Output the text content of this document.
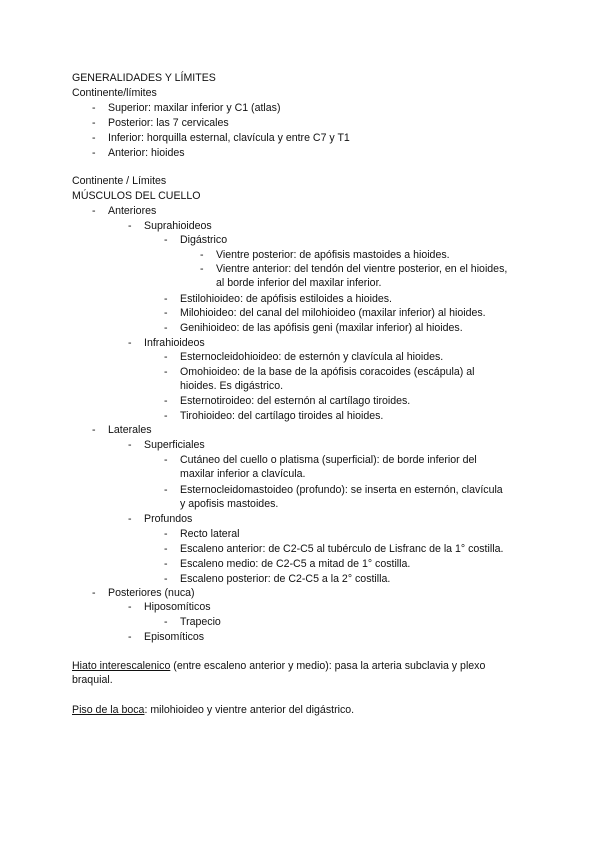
GENERALIDADES Y LÍMITES
Continente/límites
- Superior: maxilar inferior y C1 (atlas)
- Posterior: las 7 cervicales
- Inferior: horquilla esternal, clavícula y entre C7 y T1
- Anterior: hioides
Continente / Límites
MÚSCULOS DEL CUELLO
- Anteriores
- Suprahioideos
- Digástrico
- Vientre posterior: de apófisis mastoides a hioides.
- Vientre anterior: del tendón del vientre posterior, en el hioides,
al borde inferior del maxilar inferior.
- Estilohioideo: de apófisis estiloides a hioides.
- Milohioideo: del canal del milohioideo (maxilar inferior) al hioides.
- Genihioideo: de las apófisis geni (maxilar inferior) al hioides.
- Infrahioideos
- Esternocleidohioideo: de esternón y clavícula al hioides.
- Omohioideo: de la base de la apófisis coracoides (escápula) al
hioides. Es digástrico.
- Esternotiroideo: del esternón al cartílago tiroides.
- Tirohioideo: del cartílago tiroides al hioides.
- Laterales
- Superficiales
- Cutáneo del cuello o platisma (superficial): de borde inferior del
maxilar inferior a clavícula.
- Esternocleidomastoideo (profundo): se inserta en esternón, clavícula
y apofisis mastoides.
- Profundos
- Recto lateral
- Escaleno anterior: de C2-C5 al tubérculo de Lisfranc de la 1° costilla.
- Escaleno medio: de C2-C5 a mitad de 1° costilla.
- Escaleno posterior: de C2-C5 a la 2° costilla.
- Posteriores (nuca)
- Hiposomíticos
- Trapecio
- Episomíticos
Hiato interescalenico (entre escaleno anterior y medio): pasa la arteria subclavia y plexo
braquial.
Piso de la boca: milohioideo y vientre anterior del digástrico.
